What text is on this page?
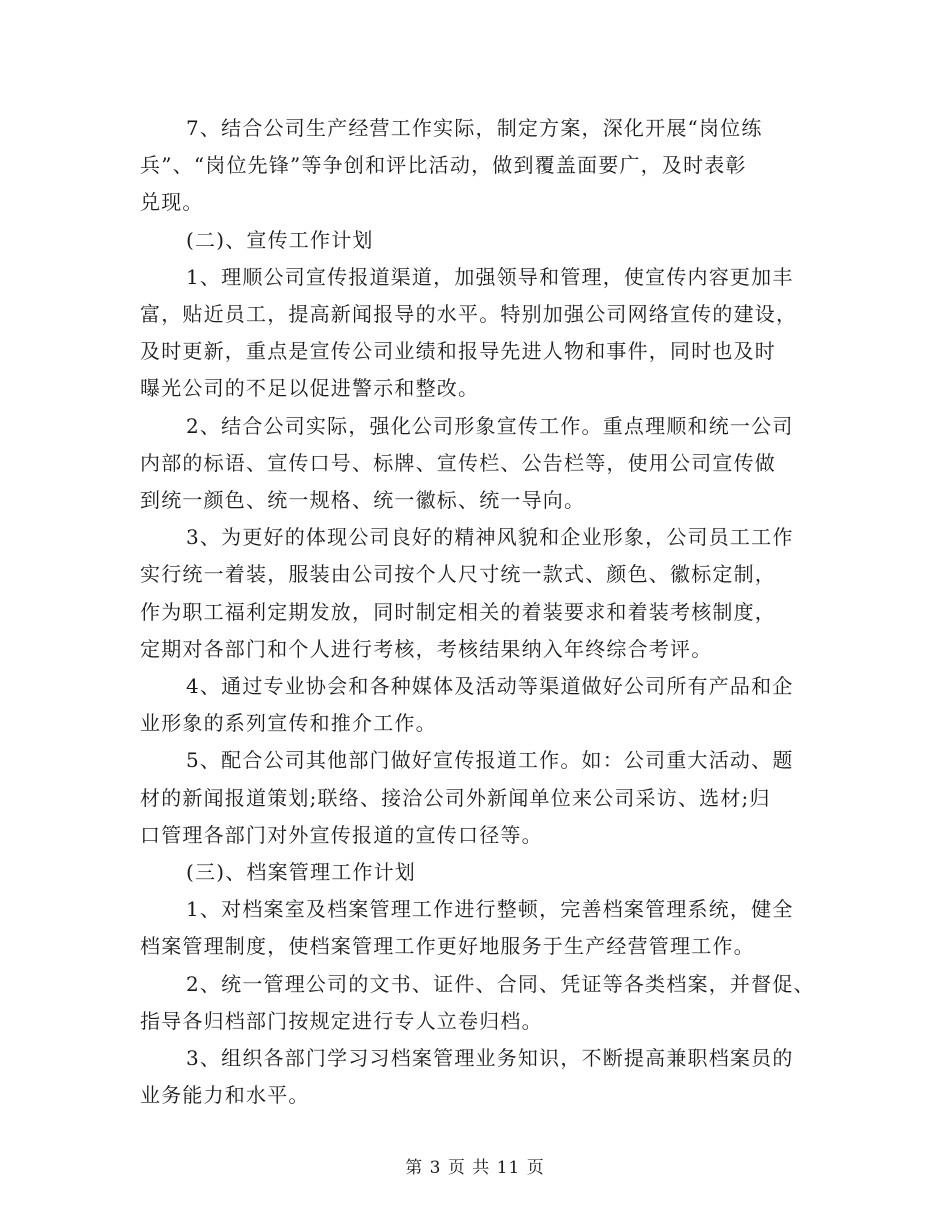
7、结合公司生产经营工作实际，制定方案，深化开展“岗位练
兵”、“岗位先锋”等争创和评比活动，做到覆盖面要广，及时表彰
兑现。

(二)、宣传工作计划

1、理顺公司宣传报道渠道，加强领导和管理，使宣传内容更加丰
富，贴近员工，提高新闻报导的水平。特别加强公司网络宣传的建设，
及时更新，重点是宣传公司业绩和报导先进人物和事件，同时也及时
曝光公司的不足以促进警示和整改。

2、结合公司实际，强化公司形象宣传工作。重点理顺和统一公司
内部的标语、宣传口号、标牌、宣传栏、公告栏等，使用公司宣传做
到统一颜色、统一规格、统一徽标、统一导向。

3、为更好的体现公司良好的精神风貌和企业形象，公司员工工作
实行统一着装，服装由公司按个人尺寸统一款式、颜色、徽标定制，
作为职工福利定期发放，同时制定相关的着装要求和着装考核制度，
定期对各部门和个人进行考核，考核结果纳入年终综合考评。

4、通过专业协会和各种媒体及活动等渠道做好公司所有产品和企
业形象的系列宣传和推介工作。

5、配合公司其他部门做好宣传报道工作。如：公司重大活动、题
材的新闻报道策划;联络、接洽公司外新闻单位来公司采访、选材;归
口管理各部门对外宣传报道的宣传口径等。

(三)、档案管理工作计划

1、对档案室及档案管理工作进行整顿，完善档案管理系统，健全
档案管理制度，使档案管理工作更好地服务于生产经营管理工作。

2、统一管理公司的文书、证件、合同、凭证等各类档案，并督促、
指导各归档部门按规定进行专人立卷归档。

3、组织各部门学习习档案管理业务知识，不断提高兼职档案员的
业务能力和水平。

第 3 页 共 11 页
